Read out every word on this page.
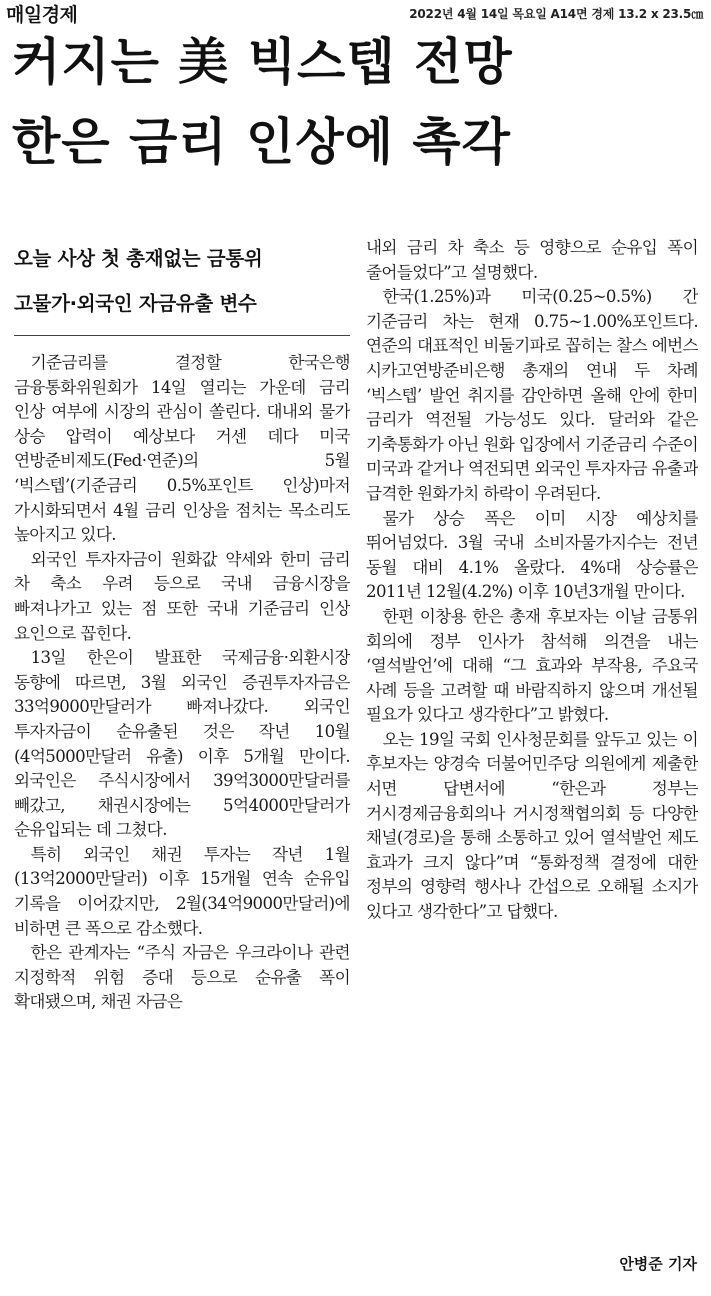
매일경제	2022년 4월 14일 목요일 A14면 경제 13.2 x 23.5㎝
커지는 美 빅스텝 전망
한은 금리 인상에 촉각
오늘 사상 첫 총재없는 금통위
고물가·외국인 자금유출 변수

기준금리를 결정할 한국은행 금융통화위원회가 14일 열리는 가운데 금리 인상 여부에 시장의 관심이 쏠린다. 대내외 물가 상승 압력이 예상보다 거센 데다 미국 연방준비제도(Fed·연준)의 5월 ‘빅스텝’(기준금리 0.5%포인트 인상)마저 가시화되면서 4월 금리 인상을 점치는 목소리도 높아지고 있다.

외국인 투자자금이 원화값 약세와 한미 금리 차 축소 우려 등으로 국내 금융시장을 빠져나가고 있는 점 또한 국내 기준금리 인상 요인으로 꼽힌다.

13일 한은이 발표한 국제금융·외환시장 동향에 따르면, 3월 외국인 증권투자자금은 33억9000만달러가 빠져나갔다. 외국인 투자자금이 순유출된 것은 작년 10월(4억5000만달러 유출) 이후 5개월 만이다. 외국인은 주식시장에서 39억3000만달러를 빼갔고, 채권시장에는 5억4000만달러가 순유입되는 데 그쳤다.

특히 외국인 채권 투자는 작년 1월(13억2000만달러) 이후 15개월 연속 순유입 기록을 이어갔지만, 2월(34억9000만달러)에 비하면 큰 폭으로 감소했다.

한은 관계자는 “주식 자금은 우크라이나 관련 지정학적 위험 증대 등으로 순유출 폭이 확대됐으며, 채권 자금은

내외 금리 차 축소 등 영향으로 순유입 폭이 줄어들었다”고 설명했다.

한국(1.25%)과 미국(0.25~0.5%) 간 기준금리 차는 현재 0.75~1.00%포인트다. 연준의 대표적인 비둘기파로 꼽히는 찰스 에번스 시카고연방준비은행 총재의 연내 두 차례 ‘빅스텝’ 발언 취지를 감안하면 올해 안에 한미 금리가 역전될 가능성도 있다. 달러와 같은 기축통화가 아닌 원화 입장에서 기준금리 수준이 미국과 같거나 역전되면 외국인 투자자금 유출과 급격한 원화가치 하락이 우려된다.

물가 상승 폭은 이미 시장 예상치를 뛰어넘었다. 3월 국내 소비자물가지수는 전년 동월 대비 4.1% 올랐다. 4%대 상승률은 2011년 12월(4.2%) 이후 10년3개월 만이다.

한편 이창용 한은 총재 후보자는 이날 금통위 회의에 정부 인사가 참석해 의견을 내는 ‘열석발언’에 대해 “그 효과와 부작용, 주요국 사례 등을 고려할 때 바람직하지 않으며 개선될 필요가 있다고 생각한다”고 밝혔다.

오는 19일 국회 인사청문회를 앞두고 있는 이 후보자는 양경숙 더불어민주당 의원에게 제출한 서면 답변서에 “한은과 정부는 거시경제금융회의나 거시정책협의회 등 다양한 채널(경로)을 통해 소통하고 있어 열석발언 제도 효과가 크지 않다”며 “통화정책 결정에 대한 정부의 영향력 행사나 간섭으로 오해될 소지가 있다고 생각한다”고 답했다.

안병준 기자
